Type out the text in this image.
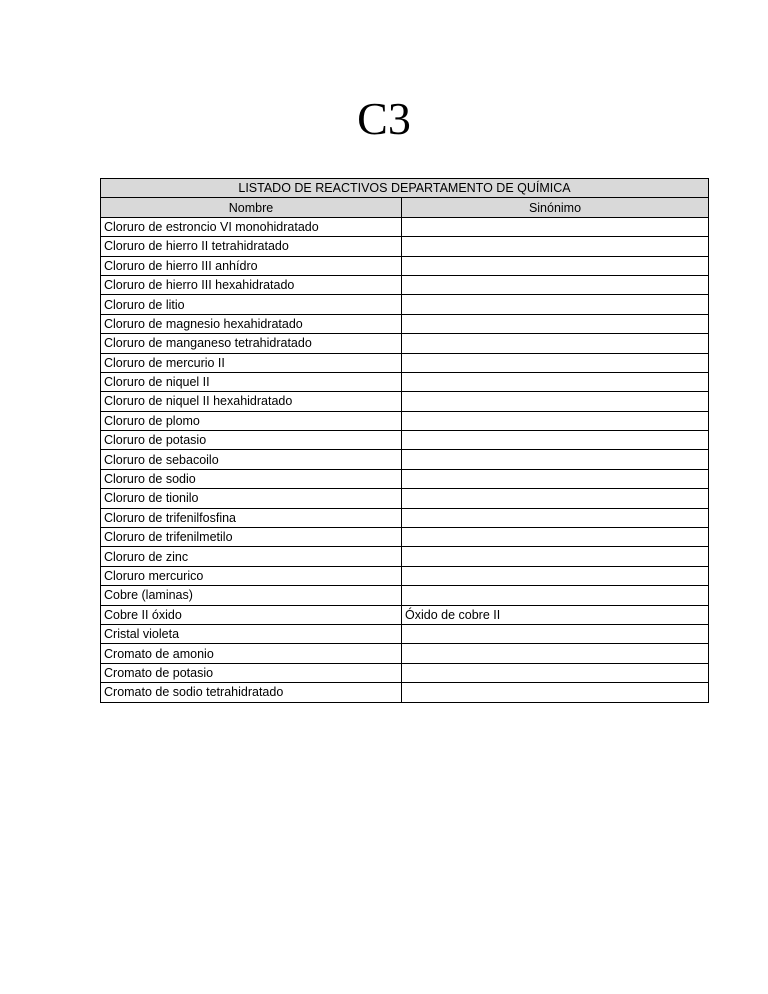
C3
LISTADO DE REACTIVOS DEPARTAMENTO DE QUÍMICA	
Nombre	Sinónimo
Cloruro de estroncio VI monohidratado	
Cloruro de hierro II tetrahidratado	
Cloruro de hierro III anhídro	
Cloruro de hierro III hexahidratado	
Cloruro de litio	
Cloruro de magnesio hexahidratado	
Cloruro de manganeso tetrahidratado	
Cloruro de mercurio II	
Cloruro de niquel II	
Cloruro de niquel II hexahidratado	
Cloruro de plomo	
Cloruro de potasio	
Cloruro de sebacoilo	
Cloruro de sodio	
Cloruro de tionilo	
Cloruro de trifenilfosfina	
Cloruro de trifenilmetilo	
Cloruro de zinc	
Cloruro mercurico	
Cobre (laminas)	
Cobre II óxido	Óxido de cobre II
Cristal violeta	
Cromato de amonio	
Cromato de potasio	
Cromato de sodio tetrahidratado	
